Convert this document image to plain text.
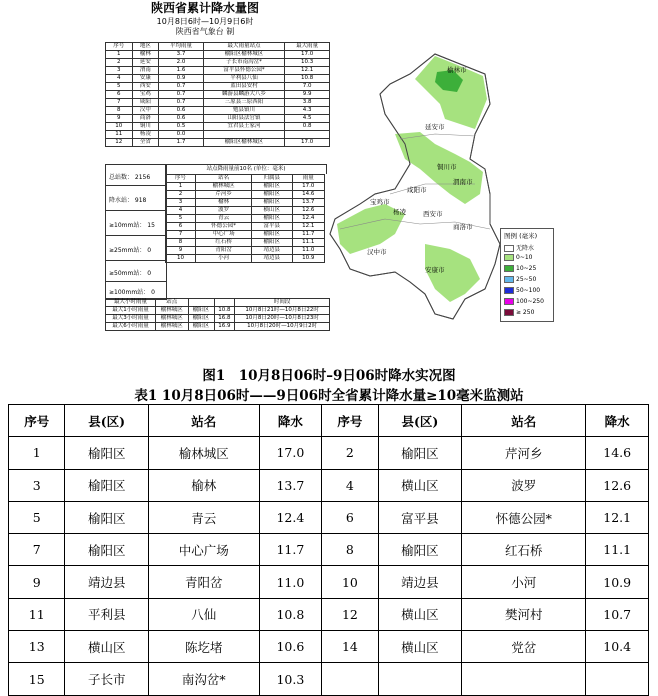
陕西省累计降水量图
10月8日6时—10月9日6时
陕西省气象台 制
序号	地区	平均雨量	最大雨量站点	最大雨量
1	榆林	3.7	榆阳区榆林城区	17.0
2	延安	2.0	子长市南沟岔*	10.3
3	渭南	1.6	富平县怀德公园*	12.1
4	安康	0.9	平利县八仙	10.8
5	西安	0.7	蓝田县安村	7.0
6	宝鸡	0.7	麟游县麟游大八乡	9.9
7	咸阳	0.7	三原县三原西阳	3.8
8	汉中	0.6	勉县镇川	4.3
9	商洛	0.6	山阳县法官镇	4.5
10	铜川	0.5	宜君县王家河	0.8
11	杨凌	0.0		
12	全省	1.7	榆阳区榆林城区	17.0
总站数： 2156
降水站： 918
≥10mm站： 15
≥25mm站： 0
≥50mm站： 0
≥100mm站： 0
站点降雨量前10名 (单位：毫米)
序号	站名	归属县	雨量
1	榆林城区	榆阳区	17.0
2	芹河乡	榆阳区	14.6
3	榆林	榆阳区	13.7
4	波罗	横山区	12.6
5	青云	榆阳区	12.4
6	怀德公园*	富平县	12.1
7	中心广场	榆阳区	11.7
8	红石桥	榆阳区	11.1
9	青阳岔	靖边县	11.0
10	小河	靖边县	10.9
最大小时雨量	站点			时间段
最大1小时雨量	榆林城区	榆阳区	10.8	10月8日21时—10月8日22时
最大3小时雨量	榆林城区	榆阳区	16.8	10月8日20时—10月8日23时
最大6小时雨量	榆林城区	榆阳区	16.9	10月8日20时—10月9日2时
榆林市
延安市
铜川市
渭南市
宝鸡市
咸阳市
杨凌	西安市
商洛市
汉中市
安康市
图例 (毫米)
无降水
0~10
10~25
25~50
50~100
100~250
≥ 250
图1　10月8日06时–9日06时降水实况图
表1 10月8日06时——9日06时全省累计降水量≥10毫米监测站
序号	县(区)	站名	降水	序号	县(区)	站名	降水
1	榆阳区	榆林城区	17.0	2	榆阳区	芹河乡	14.6
3	榆阳区	榆林	13.7	4	横山区	波罗	12.6
5	榆阳区	青云	12.4	6	富平县	怀德公园*	12.1
7	榆阳区	中心广场	11.7	8	榆阳区	红石桥	11.1
9	靖边县	青阳岔	11.0	10	靖边县	小河	10.9
11	平利县	八仙	10.8	12	横山区	樊河村	10.7
13	横山区	陈圪堵	10.6	14	横山区	党岔	10.4
15	子长市	南沟岔*	10.3				
